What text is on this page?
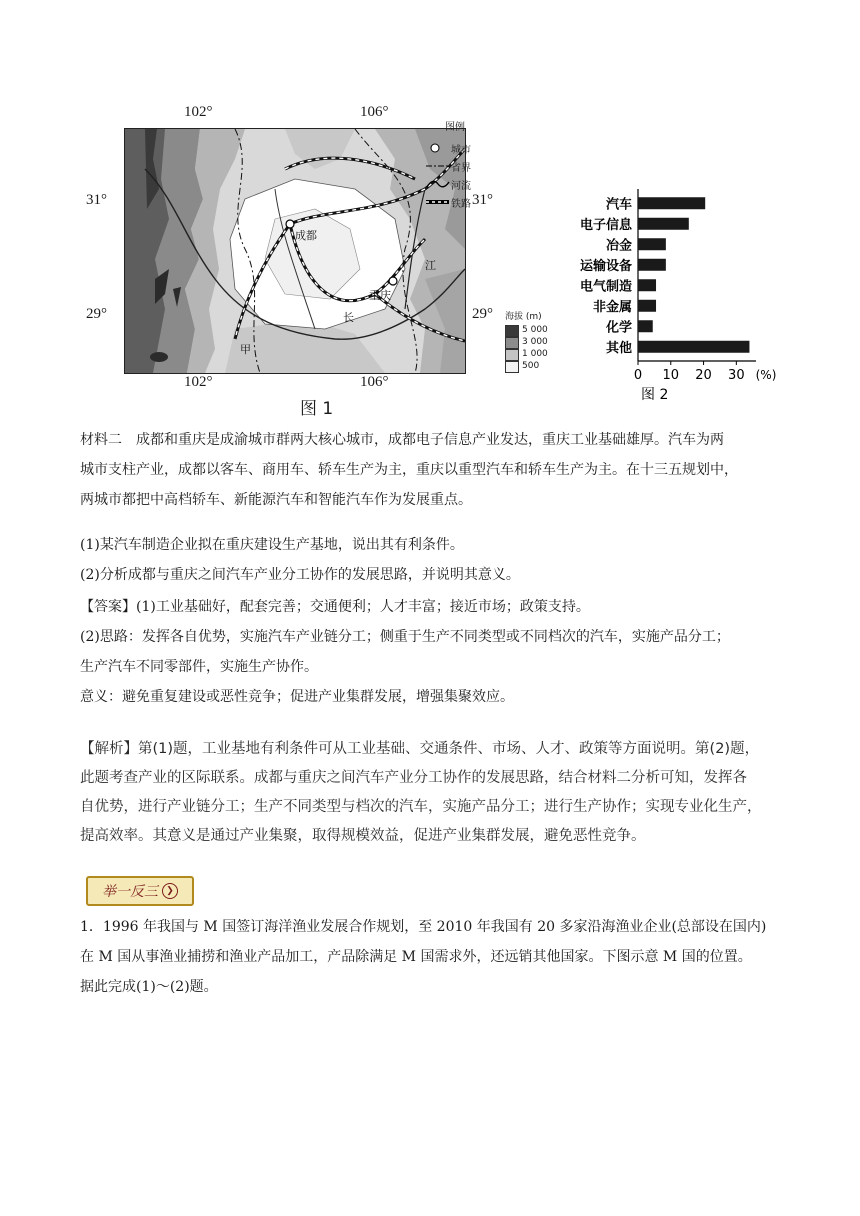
102°	106°
102°	106°
31°
29°
31°
29°
成都
重庆
甲
长
江
图 1
图例
城市
省界
河流
铁路
海拔 (m)
5 000
3 000
1 000
500
汽车
电子信息
冶金
运输设备
电气制造
非金属
化学
其他
0 10 20 30 (%)
图 2

材料二　成都和重庆是成渝城市群两大核心城市，成都电子信息产业发达，重庆工业基础雄厚。汽车为两
城市支柱产业，成都以客车、商用车、轿车生产为主，重庆以重型汽车和轿车生产为主。在十三五规划中，
两城市都把中高档轿车、新能源汽车和智能汽车作为发展重点。

(1)某汽车制造企业拟在重庆建设生产基地，说出其有利条件。
(2)分析成都与重庆之间汽车产业分工协作的发展思路，并说明其意义。

【答案】(1)工业基础好，配套完善；交通便利；人才丰富；接近市场；政策支持。
(2)思路：发挥各自优势，实施汽车产业链分工；侧重于生产不同类型或不同档次的汽车，实施产品分工；
生产汽车不同零部件，实施生产协作。
意义：避免重复建设或恶性竞争；促进产业集群发展，增强集聚效应。

【解析】第(1)题，工业基地有利条件可从工业基础、交通条件、市场、人才、政策等方面说明。第(2)题，
此题考查产业的区际联系。成都与重庆之间汽车产业分工协作的发展思路，结合材料二分析可知，发挥各
自优势，进行产业链分工；生产不同类型与档次的汽车，实施产品分工；进行生产协作；实现专业化生产，
提高效率。其意义是通过产业集聚，取得规模效益，促进产业集群发展，避免恶性竞争。

举一反三 ❯

1．1996 年我国与 M 国签订海洋渔业发展合作规划，至 2010 年我国有 20 多家沿海渔业企业(总部设在国内)
在 M 国从事渔业捕捞和渔业产品加工，产品除满足 M 国需求外，还远销其他国家。下图示意 M 国的位置。
据此完成(1)～(2)题。
